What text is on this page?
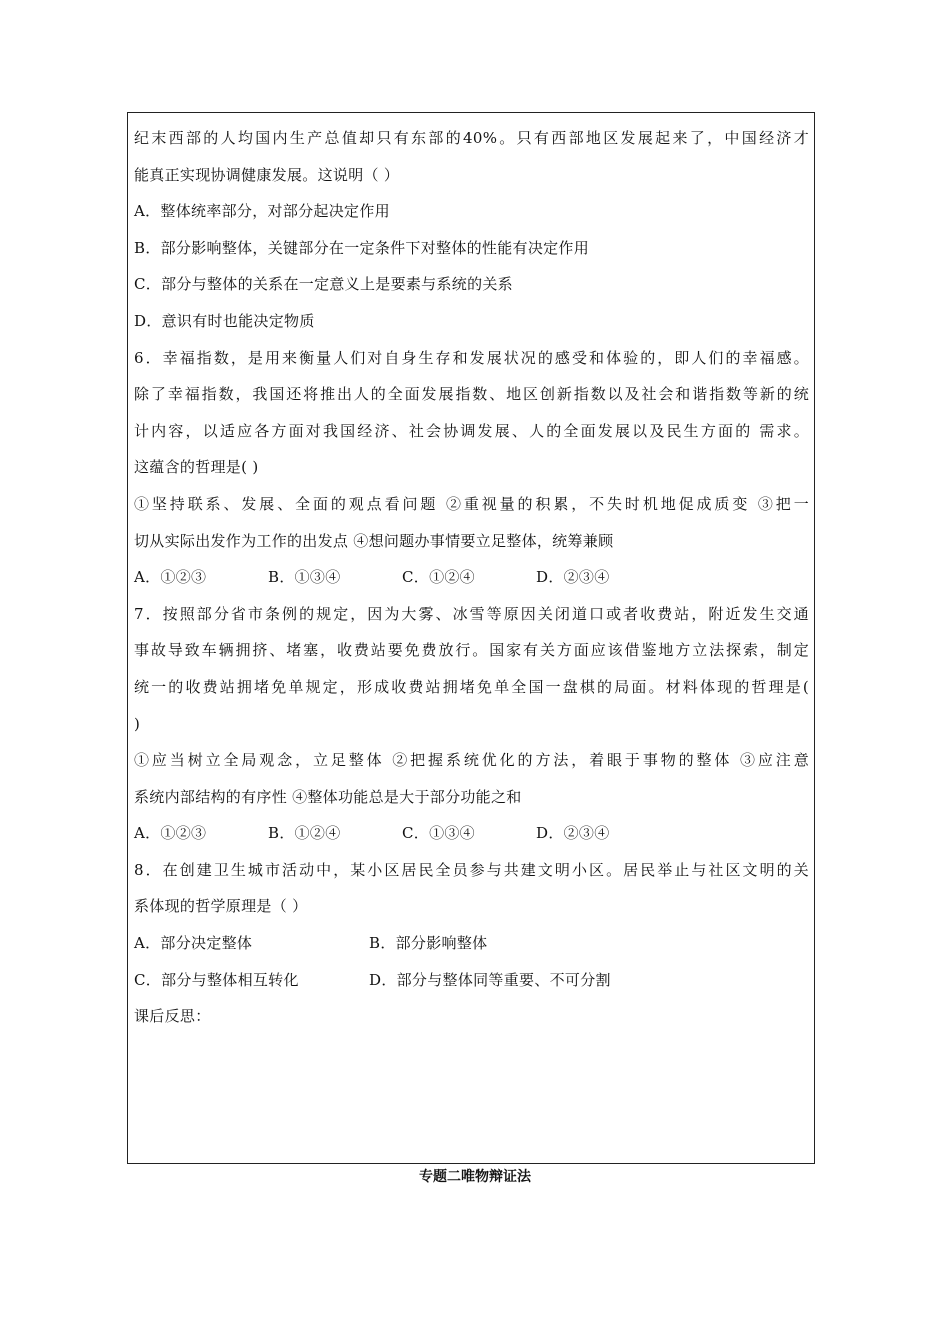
纪末西部的人均国内生产总值却只有东部的40%。只有西部地区发展起来了，中国经济才
能真正实现协调健康发展。这说明（ ）
A．整体统率部分，对部分起决定作用
B．部分影响整体，关键部分在一定条件下对整体的性能有决定作用
C．部分与整体的关系在一定意义上是要素与系统的关系
D．意识有时也能决定物质
6．幸福指数，是用来衡量人们对自身生存和发展状况的感受和体验的，即人们的幸福感。
除了幸福指数，我国还将推出人的全面发展指数、地区创新指数以及社会和谐指数等新的统
计内容，以适应各方面对我国经济、社会协调发展、人的全面发展以及民生方面的 需求。
这蕴含的哲理是( )
①坚持联系、发展、全面的观点看问题 ②重视量的积累，不失时机地促成质变 ③把一
切从实际出发作为工作的出发点 ④想问题办事情要立足整体，统筹兼顾
A．①②③	B．①③④	C．①②④	D．②③④
7．按照部分省市条例的规定，因为大雾、冰雪等原因关闭道口或者收费站，附近发生交通
事故导致车辆拥挤、堵塞，收费站要免费放行。国家有关方面应该借鉴地方立法探索，制定
统一的收费站拥堵免单规定，形成收费站拥堵免单全国一盘棋的局面。材料体现的哲理是(
)
①应当树立全局观念，立足整体 ②把握系统优化的方法，着眼于事物的整体 ③应注意
系统内部结构的有序性 ④整体功能总是大于部分功能之和
A．①②③	B．①②④	C．①③④	D．②③④
8．在创建卫生城市活动中，某小区居民全员参与共建文明小区。居民举止与社区文明的关
系体现的哲学原理是（ ）
A．部分决定整体	B．部分影响整体
C．部分与整体相互转化	D．部分与整体同等重要、不可分割
课后反思：
专题二唯物辩证法
